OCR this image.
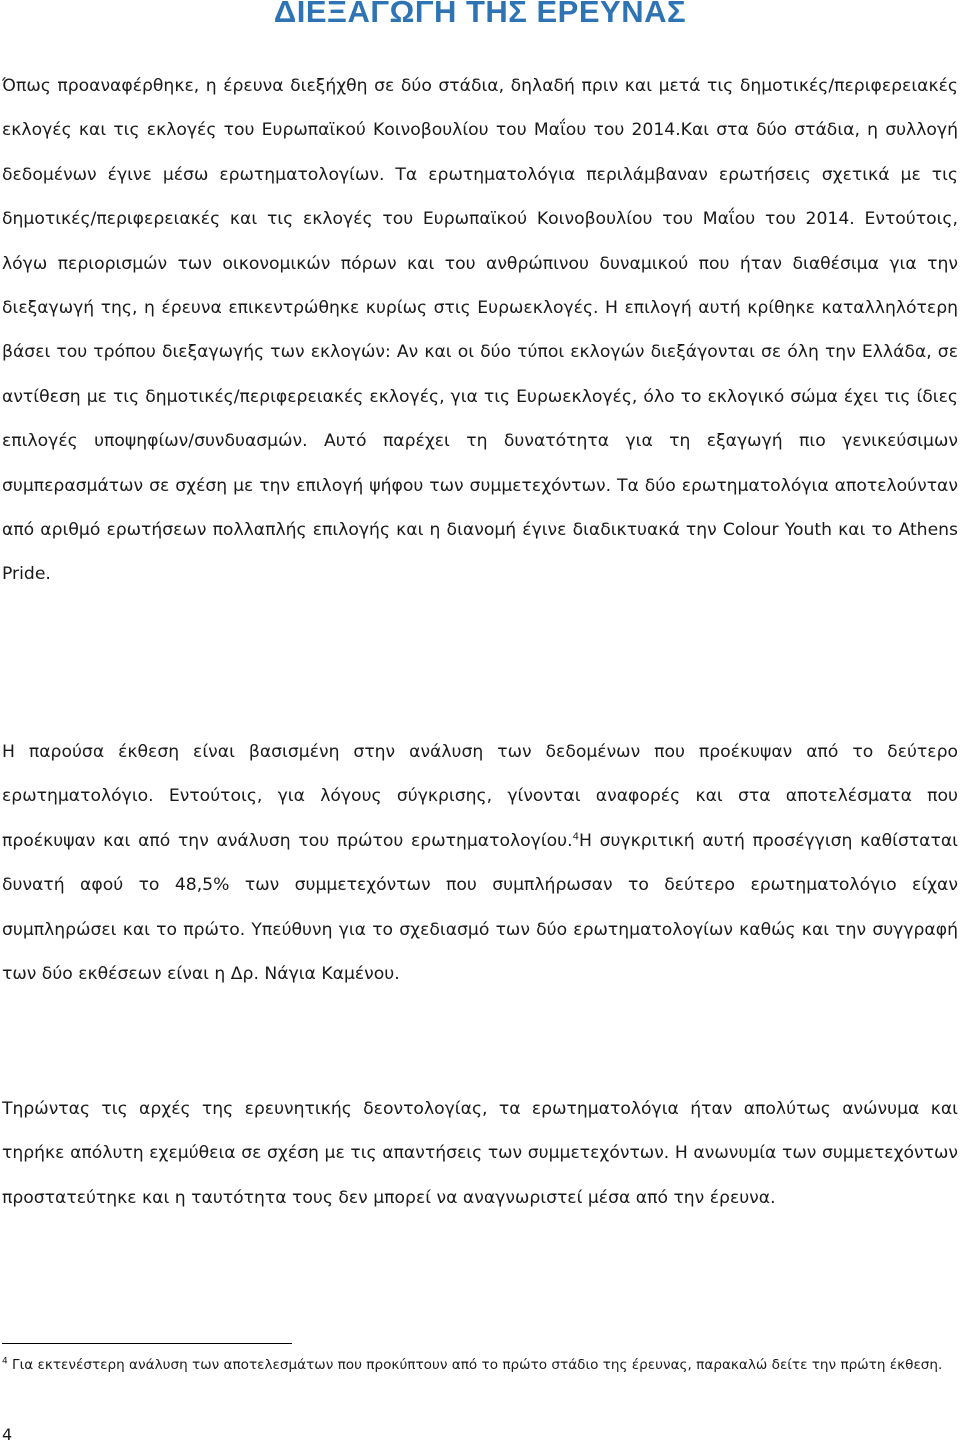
ΔΙΕΞΑΓΩΓΗ ΤΗΣ ΕΡΕΥΝΑΣ

Όπως προαναφέρθηκε, η έρευνα διεξήχθη σε δύο στάδια, δηλαδή πριν και μετά τις δημοτικές/περιφερειακές εκλογές και τις εκλογές του Ευρωπαϊκού Κοινοβουλίου του Μαΐου του 2014.Και στα δύο στάδια, η συλλογή δεδομένων έγινε μέσω ερωτηματολογίων. Τα ερωτηματολόγια περιλάμβαναν ερωτήσεις σχετικά με τις δημοτικές/περιφερειακές και τις εκλογές του Ευρωπαϊκού Κοινοβουλίου του Μαΐου του 2014. Εντούτοις, λόγω περιορισμών των οικονομικών πόρων και του ανθρώπινου δυναμικού που ήταν διαθέσιμα για την διεξαγωγή της, η έρευνα επικεντρώθηκε κυρίως στις Ευρωεκλογές. Η επιλογή αυτή κρίθηκε καταλληλότερη βάσει του τρόπου διεξαγωγής των εκλογών: Αν και οι δύο τύποι εκλογών διεξάγονται σε όλη την Ελλάδα, σε αντίθεση με τις δημοτικές/περιφερειακές εκλογές, για τις Ευρωεκλογές, όλο το εκλογικό σώμα έχει τις ίδιες επιλογές υποψηφίων/συνδυασμών. Αυτό παρέχει τη δυνατότητα για τη εξαγωγή πιο γενικεύσιμων συμπερασμάτων σε σχέση με την επιλογή ψήφου των συμμετεχόντων. Τα δύο ερωτηματολόγια αποτελούνταν από αριθμό ερωτήσεων πολλαπλής επιλογής και η διανομή έγινε διαδικτυακά την Colour Youth και το Athens Pride.

Η παρούσα έκθεση είναι βασισμένη στην ανάλυση των δεδομένων που προέκυψαν από το δεύτερο ερωτηματολόγιο. Εντούτοις, για λόγους σύγκρισης, γίνονται αναφορές και στα αποτελέσματα που προέκυψαν και από την ανάλυση του πρώτου ερωτηματολογίου.$^4$Η συγκριτική αυτή προσέγγιση καθίσταται δυνατή αφού το 48,5% των συμμετεχόντων που συμπλήρωσαν το δεύτερο ερωτηματολόγιο είχαν συμπληρώσει και το πρώτο. Υπεύθυνη για το σχεδιασμό των δύο ερωτηματολογίων καθώς και την συγγραφή των δύο εκθέσεων είναι η Δρ. Νάγια Καμένου.

Τηρώντας τις αρχές της ερευνητικής δεοντολογίας, τα ερωτηματολόγια ήταν απολύτως ανώνυμα και τηρήκε απόλυτη εχεμύθεια σε σχέση με τις απαντήσεις των συμμετεχόντων. Η ανωνυμία των συμμετεχόντων προστατεύτηκε και η ταυτότητα τους δεν μπορεί να αναγνωριστεί μέσα από την έρευνα.

$^4$ Για εκτενέστερη ανάλυση των αποτελεσμάτων που προκύπτουν από το πρώτο στάδιο της έρευνας, παρακαλώ δείτε την πρώτη έκθεση.

4
